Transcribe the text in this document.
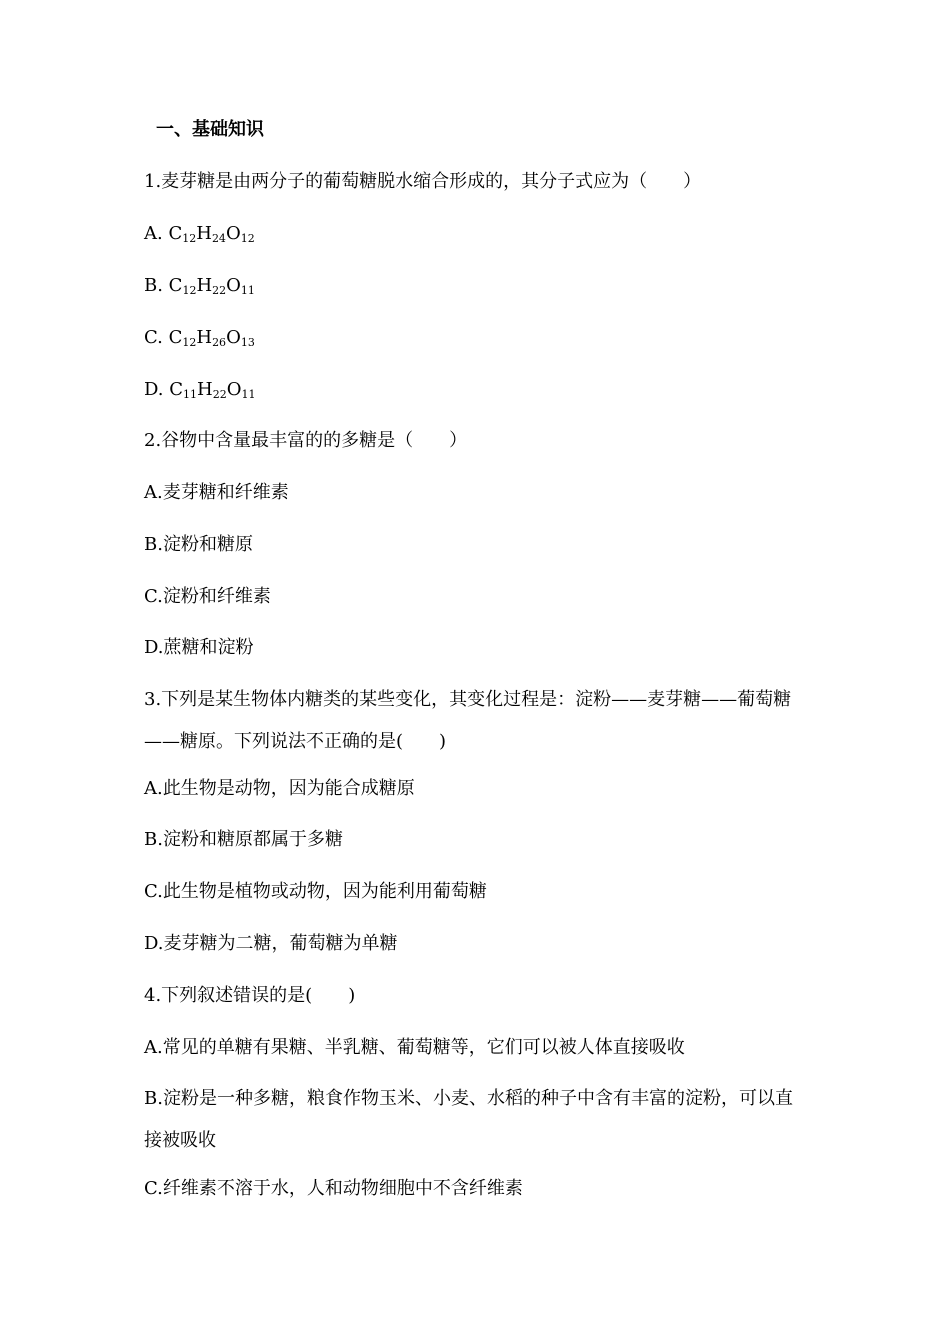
一、基础知识
1.麦芽糖是由两分子的葡萄糖脱水缩合形成的，其分子式应为（　　）
A. $C_{12}H_{24}O_{12}$
B. $C_{12}H_{22}O_{11}$
C. $C_{12}H_{26}O_{13}$
D. $C_{11}H_{22}O_{11}$
2.谷物中含量最丰富的的多糖是（　　）
A.麦芽糖和纤维素
B.淀粉和糖原
C.淀粉和纤维素
D.蔗糖和淀粉
3.下列是某生物体内糖类的某些变化，其变化过程是：淀粉——麦芽糖——葡萄糖——糖原。下列说法不正确的是(　　)
A.此生物是动物，因为能合成糖原
B.淀粉和糖原都属于多糖
C.此生物是植物或动物，因为能利用葡萄糖
D.麦芽糖为二糖，葡萄糖为单糖
4.下列叙述错误的是(　　)
A.常见的单糖有果糖、半乳糖、葡萄糖等，它们可以被人体直接吸收
B.淀粉是一种多糖，粮食作物玉米、小麦、水稻的种子中含有丰富的淀粉，可以直接被吸收
C.纤维素不溶于水，人和动物细胞中不含纤维素
